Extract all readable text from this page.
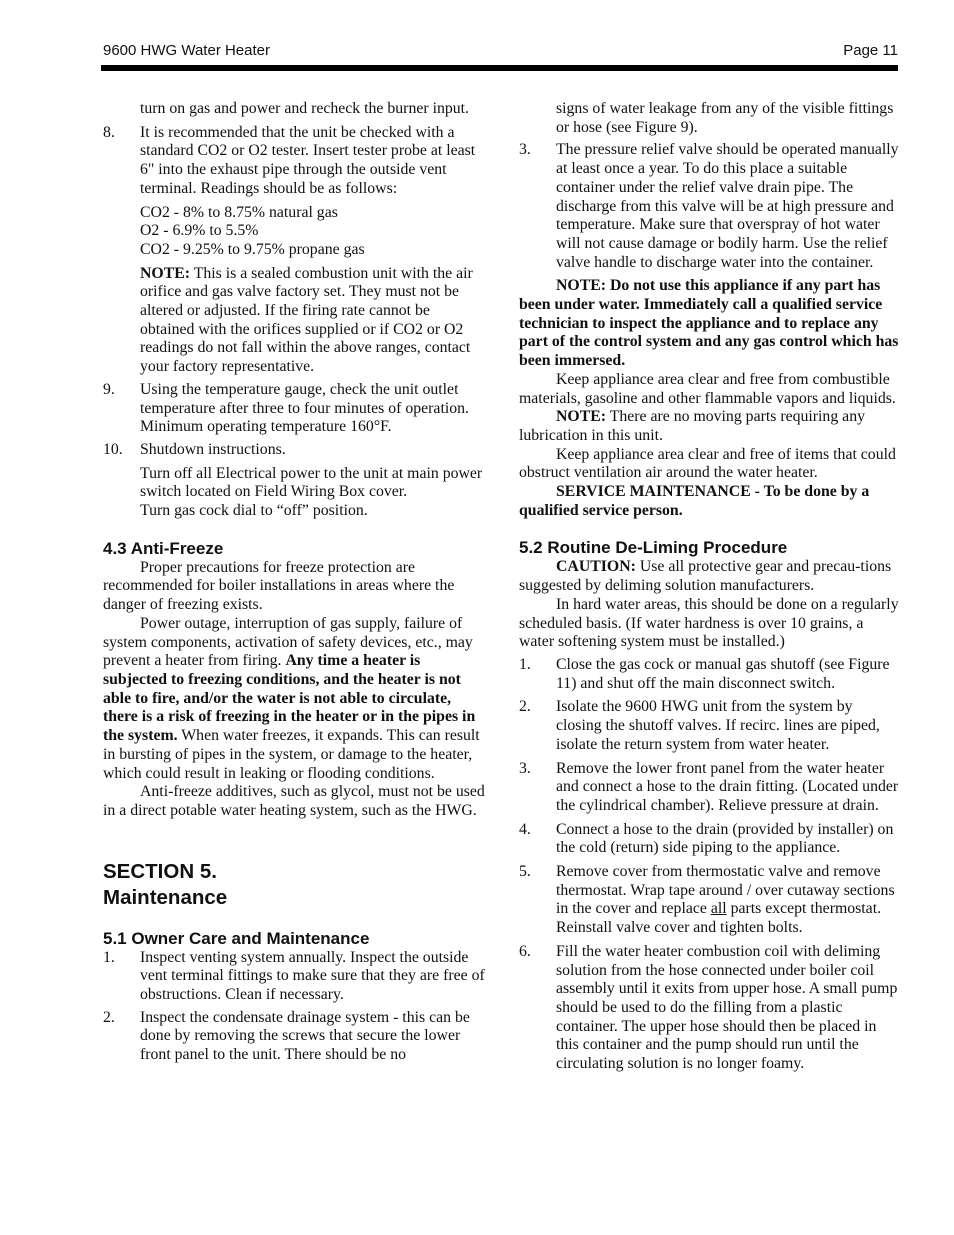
9600 HWG Water Heater	Page 11

turn on gas and power and recheck the burner input.

8. It is recommended that the unit be checked with a standard CO2 or O2 tester. Insert tester probe at least 6" into the exhaust pipe through the outside vent terminal. Readings should be as follows:

CO2 - 8% to 8.75% natural gas

O2 - 6.9% to 5.5%

CO2 - 9.25% to 9.75% propane gas

NOTE: This is a sealed combustion unit with the air orifice and gas valve factory set. They must not be altered or adjusted. If the firing rate cannot be obtained with the orifices supplied or if CO2 or O2 readings do not fall within the above ranges, contact your factory representative.

9. Using the temperature gauge, check the unit outlet temperature after three to four minutes of operation. Minimum operating temperature 160°F.
10. Shutdown instructions.

Turn off all Electrical power to the unit at main power switch located on Field Wiring Box cover.

Turn gas cock dial to “off” position.

4.3 Anti-Freeze

Proper precautions for freeze protection are recommended for boiler installations in areas where the danger of freezing exists.

Power outage, interruption of gas supply, failure of system components, activation of safety devices, etc., may prevent a heater from firing. Any time a heater is subjected to freezing conditions, and the heater is not able to fire, and/or the water is not able to circulate, there is a risk of freezing in the heater or in the pipes in the system. When water freezes, it expands. This can result in bursting of pipes in the system, or damage to the heater, which could result in leaking or flooding conditions.

Anti-freeze additives, such as glycol, must not be used in a direct potable water heating system, such as the HWG.

SECTION 5.

Maintenance

5.1 Owner Care and Maintenance

1. Inspect venting system annually. Inspect the outside vent terminal fittings to make sure that they are free of obstructions. Clean if necessary.
2. Inspect the condensate drainage system - this can be done by removing the screws that secure the lower front panel to the unit. There should be no

signs of water leakage from any of the visible fittings or hose (see Figure 9).

3. The pressure relief valve should be operated manually at least once a year. To do this place a suitable container under the relief valve drain pipe. The discharge from this valve will be at high pressure and temperature. Make sure that overspray of hot water will not cause damage or bodily harm. Use the relief valve handle to discharge water into the container.

NOTE: Do not use this appliance if any part has been under water. Immediately call a qualified service technician to inspect the appliance and to replace any part of the control system and any gas control which has been immersed.

Keep appliance area clear and free from combustible materials, gasoline and other flammable vapors and liquids.

NOTE: There are no moving parts requiring any lubrication in this unit.

Keep appliance area clear and free of items that could obstruct ventilation air around the water heater.

SERVICE MAINTENANCE - To be done by a qualified service person.

5.2 Routine De-Liming Procedure

CAUTION: Use all protective gear and precau-tions suggested by deliming solution manufacturers.

In hard water areas, this should be done on a regularly scheduled basis. (If water hardness is over 10 grains, a water softening system must be installed.)

1. Close the gas cock or manual gas shutoff (see Figure 11) and shut off the main disconnect switch.
2. Isolate the 9600 HWG unit from the system by closing the shutoff valves. If recirc. lines are piped, isolate the return system from water heater.
3. Remove the lower front panel from the water heater and connect a hose to the drain fitting. (Located under the cylindrical chamber). Relieve pressure at drain.
4. Connect a hose to the drain (provided by installer) on the cold (return) side piping to the appliance.
5. Remove cover from thermostatic valve and remove thermostat. Wrap tape around / over cutaway sections in the cover and replace all parts except thermostat. Reinstall valve cover and tighten bolts.
6. Fill the water heater combustion coil with deliming solution from the hose connected under boiler coil assembly until it exits from upper hose. A small pump should be used to do the filling from a plastic container. The upper hose should then be placed in this container and the pump should run until the circulating solution is no longer foamy.
